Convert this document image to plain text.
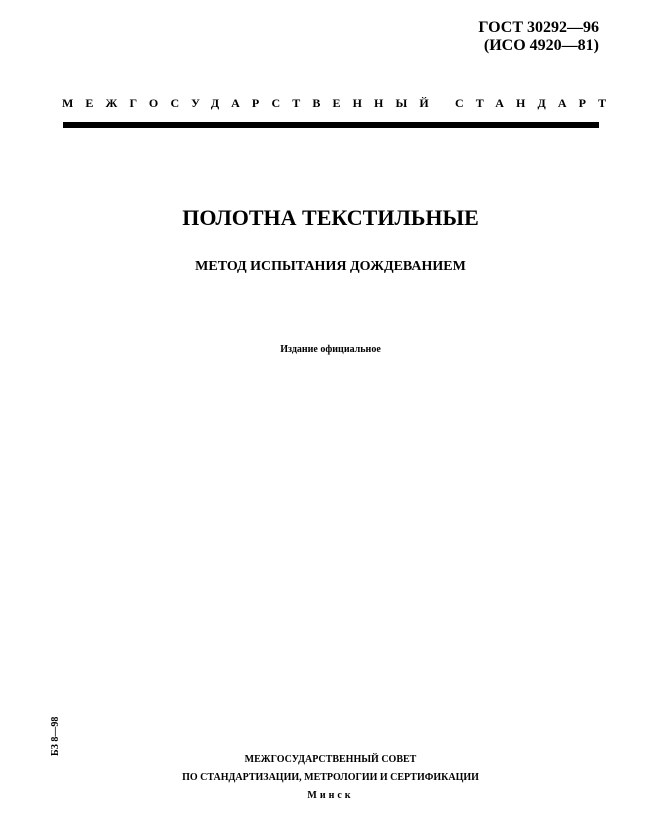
ГОСТ 30292—96
(ИСО 4920—81)
МЕЖГОСУДАРСТВЕННЫЙ СТАНДАРТ
ПОЛОТНА ТЕКСТИЛЬНЫЕ
МЕТОД ИСПЫТАНИЯ ДОЖДЕВАНИЕМ
Издание официальное
БЗ 8—98
МЕЖГОСУДАРСТВЕННЫЙ СОВЕТ
ПО СТАНДАРТИЗАЦИИ, МЕТРОЛОГИИ И СЕРТИФИКАЦИИ
Минск
